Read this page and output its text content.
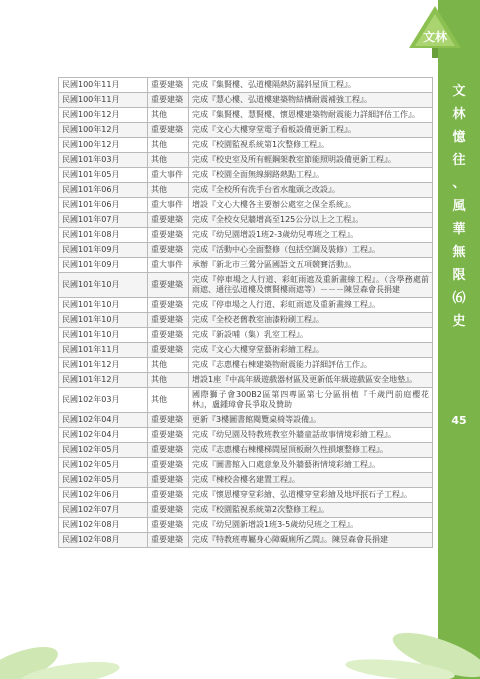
文林
文
林
憶
往
、
風
華
無
限
⑹
史
45
民國100年11月	重要建築	完成『集賢樓、弘道樓隔熱防漏斜屋頂工程』。
民國100年11月	重要建築	完成『慧心樓、弘道樓建築物結構耐震補強工程』。
民國100年12月	其他	完成『集賢樓、慧賢樓、懷恩樓建築物耐震能力詳細評估工作』。
民國100年12月	重要建築	完成『文心大樓穿堂電子看板設備更新工程』。
民國100年12月	其他	完成『校園監視系統第1次整修工程』。
民國101年03月	其他	完成『校史室及所有輕鋼架教室節能照明設備更新工程』。
民國101年05月	重大事件	完成『校園全面無線網路熱點工程』。
民國101年06月	其他	完成『全校所有洗手台省水龍頭之改設』。
民國101年06月	重大事件	增設『文心大樓各主要辦公處室之保全系統』。
民國101年07月	重要建築	完成『全校女兒牆增高至125公分以上之工程』。
民國101年08月	重要建築	完成『幼兒園增設1班2-3歲幼兒專班之工程』。
民國101年09月	重要建築	完成『活動中心全面整修（包括空調及裝修）工程』。
民國101年09月	重大事件	承辦『新北市三鶯分區國語文五項競賽活動』。
民國101年10月	重要建築	完成『停車場之人行道、彩虹雨遮及重新畫線工程』。（含學務處前雨遮、通往弘道樓及懷賢樓雨遮等）－－－陳昱森會長捐建
民國101年10月	重要建築	完成『停車場之人行道、彩虹雨遮及重新畫線工程』。
民國101年10月	重要建築	完成『全校老舊教室油漆粉刷工程』。
民國101年10月	重要建築	完成『新設哺（集）乳室工程』。
民國101年11月	重要建築	完成『文心大樓穿堂藝術彩繪工程』。
民國101年12月	其他	完成『志惠樓右棟建築物耐震能力詳細評估工作』。
民國101年12月	其他	增設1座『中高年級遊戲器材區及更新低年級遊戲區安全地墊』。
民國102年03月	其他	國際獅子會300B2區第四專區第七分區捐植『千歲門前庭櫻花林』，盧鍾璋會長爭取及贊助
民國102年04月	重要建築	更新『3樓圖書館閱覽桌椅等設備』。
民國102年04月	重要建築	完成『幼兒園及特教班教室外牆童話故事情境彩繪工程』。
民國102年05月	重要建築	完成『志惠樓右棟樓梯間屋頂板耐久性損壞整修工程』。
民國102年05月	重要建築	完成『圖書館入口處意象及外牆藝術情境彩繪工程』。
民國102年05月	重要建築	完成『棟校舍樓名建置工程』。
民國102年06月	重要建築	完成『懷恩樓穿堂彩繪、弘道樓穿堂彩繪及地坪抿石子工程』。
民國102年07月	重要建築	完成『校園監視系統第2次整修工程』。
民國102年08月	重要建築	完成『幼兒園新增設1班3-5歲幼兒班之工程』。
民國102年08月	重要建築	完成『特教班專屬身心障礙廁所乙間』。陳昱森會長捐建
